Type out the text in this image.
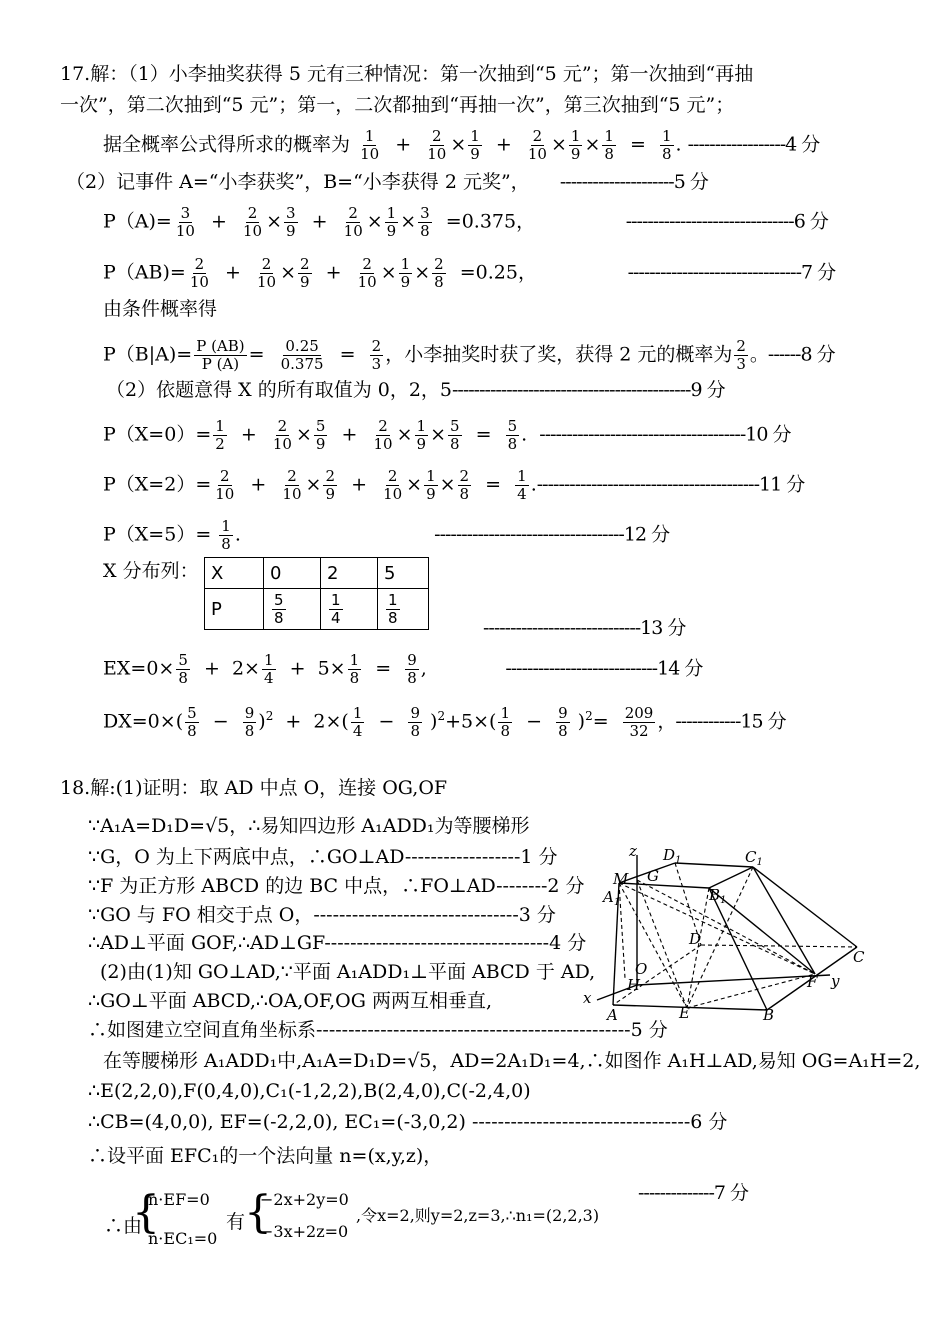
17.解：（1）小李抽奖获得 5 元有三种情况：第一次抽到“5 元”；第一次抽到“再抽
一次”，第二次抽到“5 元”；第一，二次都抽到“再抽一次”，第三次抽到“5 元”；
据全概率公式得所求的概率为 $\frac{1}{10} + \frac{2}{10} \times \frac{1}{9} + \frac{2}{10} \times \frac{1}{9} \times \frac{1}{8} = \frac{1}{8}$ . ------------------4 分
（2）记事件 A=“小李获奖”，B=“小李获得 2 元奖”， ---------------------5 分
$P(A)= \frac{3}{10} + \frac{2}{10} \times \frac{3}{9} + \frac{2}{10} \times \frac{1}{9} \times \frac{3}{8} =0.375$，	-------------------------------6 分
$P(AB)= \frac{2}{10} + \frac{2}{10} \times \frac{2}{9} + \frac{2}{10} \times \frac{1}{9} \times \frac{2}{8} =0.25$，	--------------------------------7 分
由条件概率得
$P(B|A)= \frac{P (AB)}{P (A)} = \frac{0.25}{0.375} = \frac{2}{3}$ ，小李抽奖时获了奖，获得 2 元的概率为 $\frac{2}{3}$ 。------8 分
（2）依题意得 X 的所有取值为 0，2，5--------------------------------------------9 分
$P(X=0)= \frac{1}{2} + \frac{2}{10} \times \frac{5}{9} + \frac{2}{10} \times \frac{1}{9} \times \frac{5}{8} = \frac{5}{8}$ .  --------------------------------------10 分
$P(X=2)= \frac{2}{10} + \frac{2}{10} \times \frac{2}{9} + \frac{2}{10} \times \frac{1}{9} \times \frac{2}{8} = \frac{1}{4} .-----------------------------------------11$ 分
$P(X=5)= \frac{1}{8}$ .                                -----------------------------------12 分
X 分布列： X	0	2	5
P	$\frac{5}{8}$	$\frac{1}{4}$	$\frac{1}{8}$
-----------------------------13 分
$EX=0\times \frac{5}{8} + 2\times \frac{1}{4} + 5\times \frac{1}{8} = \frac{9}{8}$ ,             ----------------------------14 分
$DX=0\times( \frac{5}{8} - \frac{9}{8} )^2 + 2\times( \frac{1}{4} - \frac{9}{8} )^2+5\times( \frac{1}{8} - \frac{9}{8} )^2= \frac{209}{32}$ ，------------15 分
18.解:(1)证明：取 AD 中点 O，连接 OG,OF
∵A₁A=D₁D=√5，∴易知四边形 A₁ADD₁为等腰梯形
∵G，O 为上下两底中点，∴GO⊥AD------------------1 分
∵F 为正方形 ABCD 的边 BC 中点，∴FO⊥AD--------2 分
∵GO 与 FO 相交于点 O，--------------------------------3 分
∴AD⊥平面 GOF,∴AD⊥GF-----------------------------------4 分
(2)由(1)知 GO⊥AD,∵平面 A₁ADD₁⊥平面 ABCD 于 AD,
∴GO⊥平面 ABCD,∴OA,OF,OG 两两互相垂直,
∴如图建立空间直角坐标系-------------------------------------------------5 分
在等腰梯形 A₁ADD₁中,A₁A=D₁D=√5，AD=2A₁D₁=4,∴如图作 A₁H⊥AD,易知 OG=A₁H=2,
∴E(2,2,0),F(0,4,0),C₁(-1,2,2),B(2,4,0),C(-2,4,0)
∴CB=(4,0,0), EF=(-2,2,0), EC₁=(-3,0,2) ----------------------------------6 分
∴设平面 EFC₁的一个法向量 n=(x,y,z)，
∴由
{
n·EF=0
n·EC₁=0
有
{
−2x+2y=0
−3x+2z=0
,令x=2,则y=2,z=3,∴n₁=(2,2,3)
--------------7 分
z $D_1$	$C_1$
M G
$A_1$	$B_1$
D
C
O
H	F y
x
A	E	B
